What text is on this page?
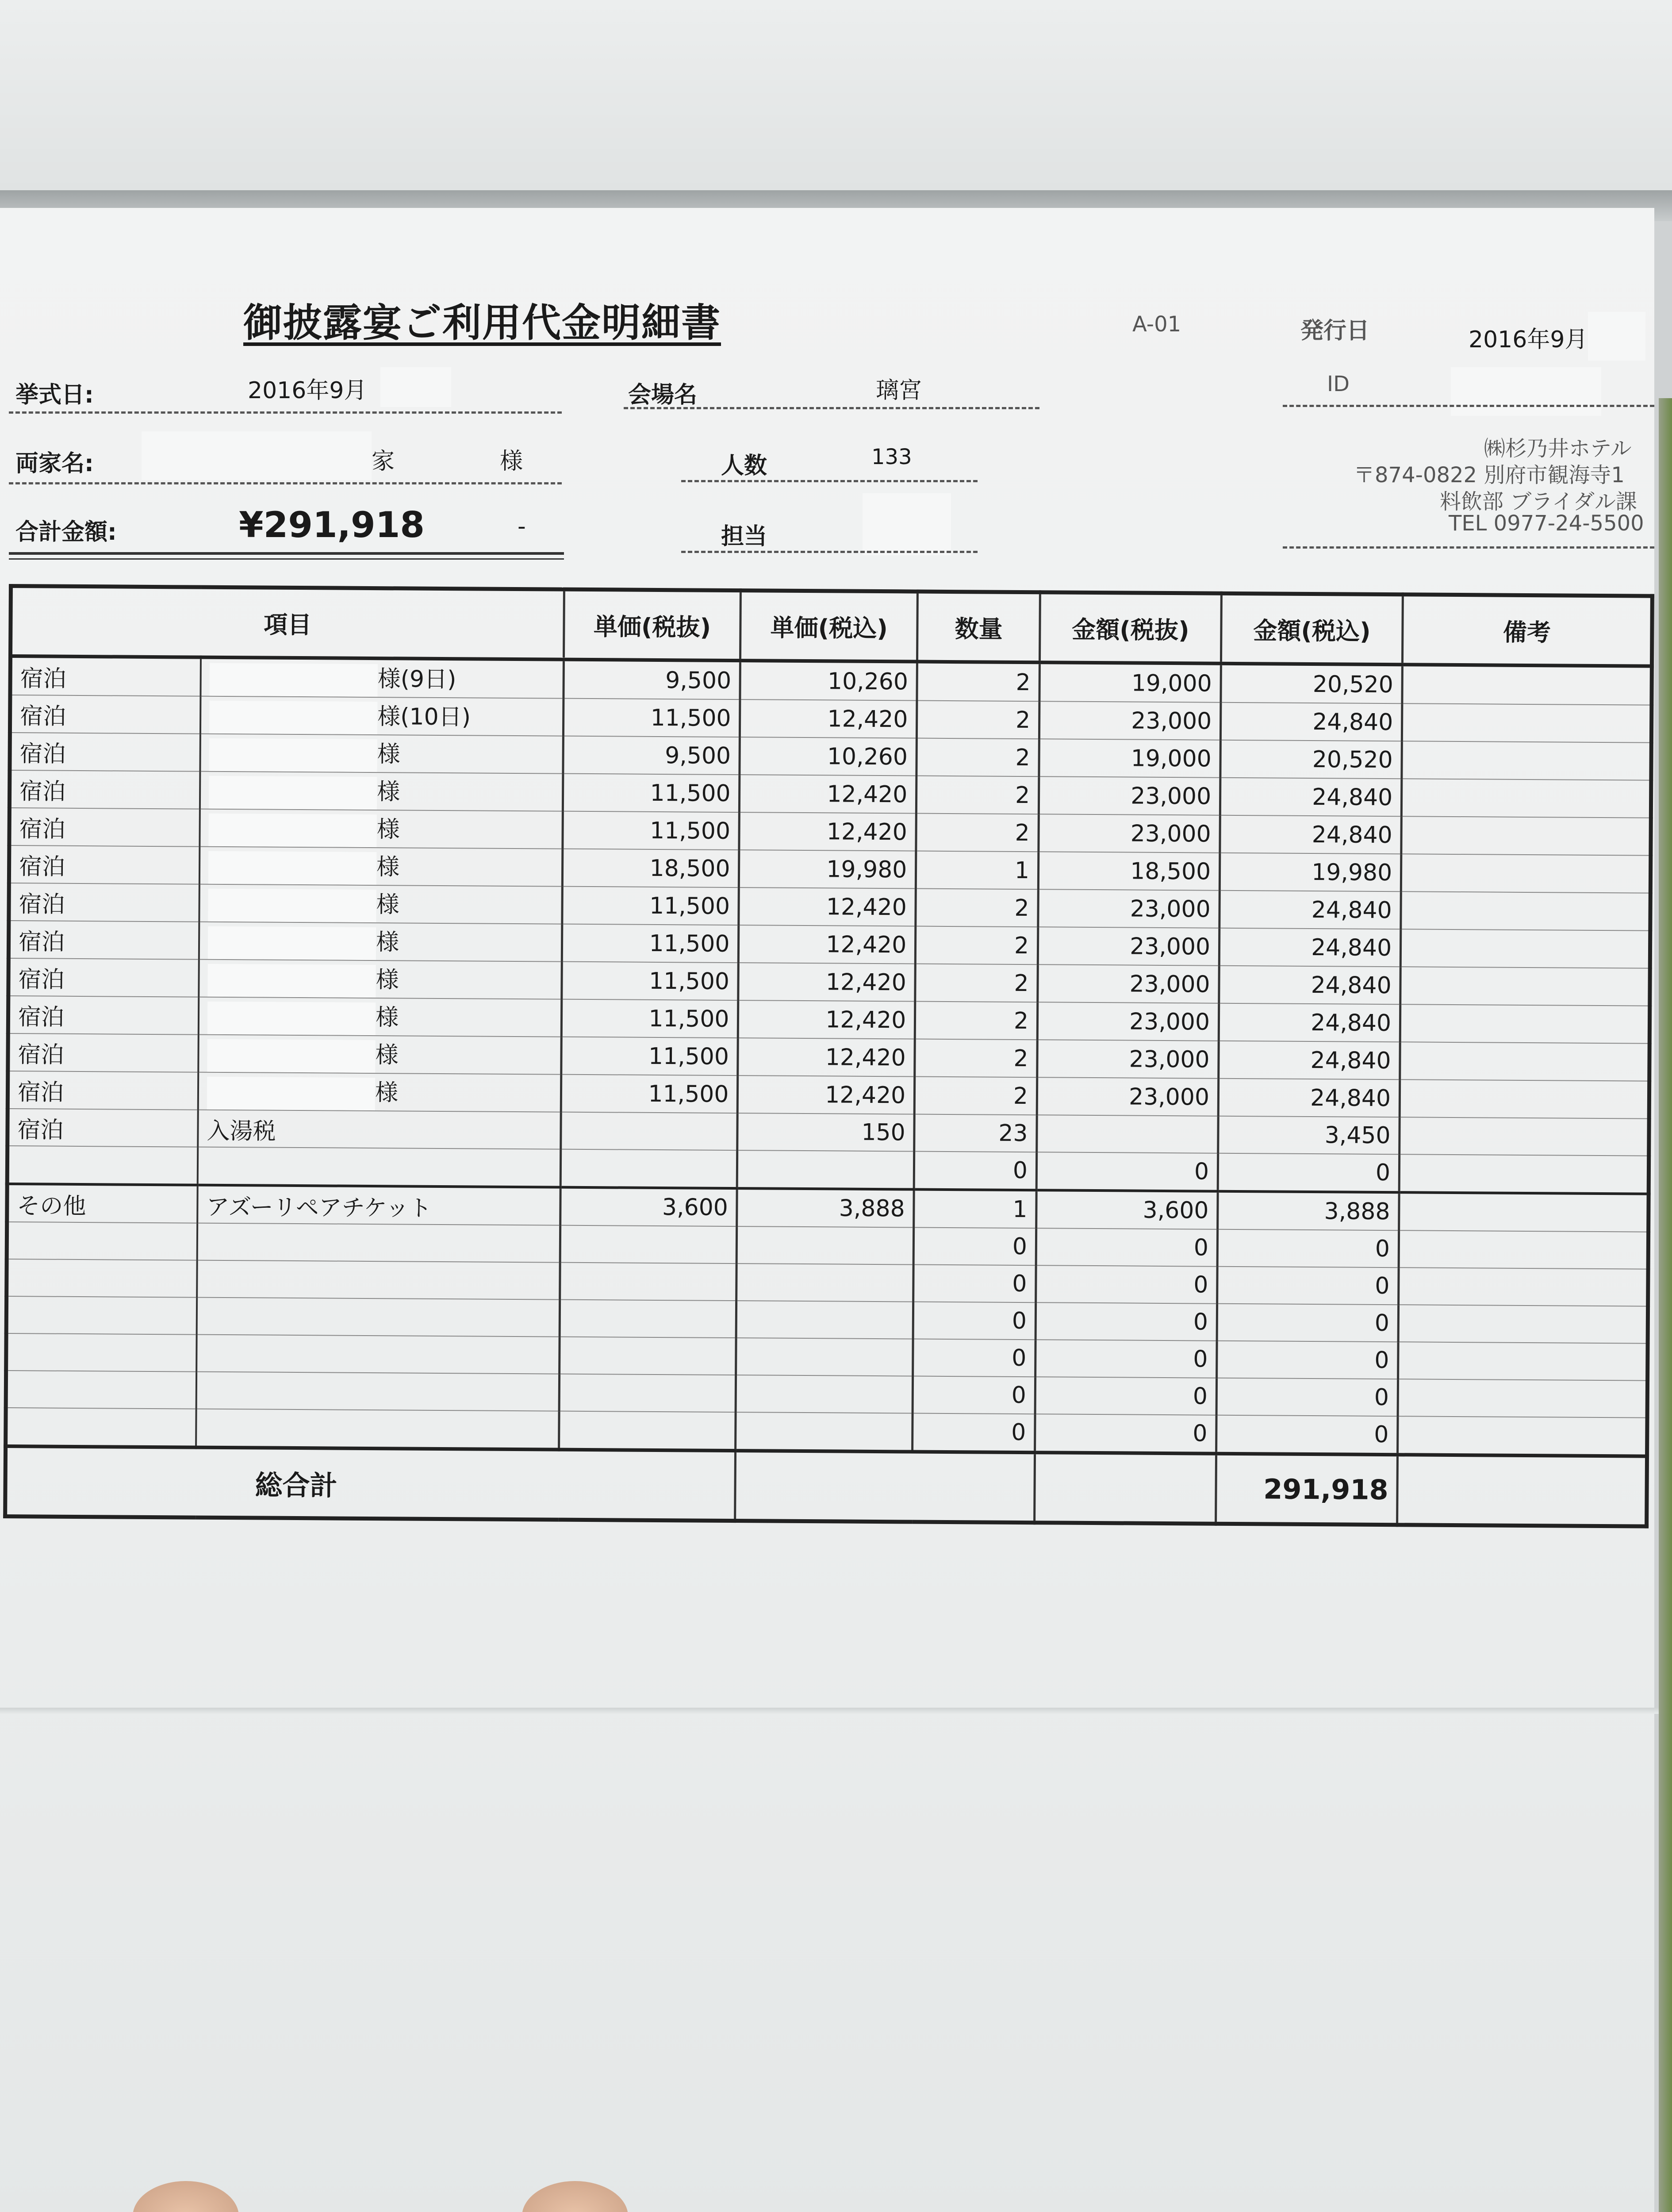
御披露宴ご利用代金明細書	A-01	発行日	2016年9月
挙式日:	2016年9月	会場名	璃宮	ID
両家名:	家	様	人数	133
合計金額:	¥291,918	-	担当
㈱杉乃井ホテル
〒874-0822 別府市観海寺1
料飲部 ブライダル課
TEL 0977-24-5500
項目		単価(税抜)	単価(税込)	数量	金額(税抜)	金額(税込)	備考
宿泊	様(9日)	9,500	10,260	2	19,000	20,520	
宿泊	様(10日)	11,500	12,420	2	23,000	24,840	
宿泊	様	9,500	10,260	2	19,000	20,520	
宿泊	様	11,500	12,420	2	23,000	24,840	
宿泊	様	11,500	12,420	2	23,000	24,840	
宿泊	様	18,500	19,980	1	18,500	19,980	
宿泊	様	11,500	12,420	2	23,000	24,840	
宿泊	様	11,500	12,420	2	23,000	24,840	
宿泊	様	11,500	12,420	2	23,000	24,840	
宿泊	様	11,500	12,420	2	23,000	24,840	
宿泊	様	11,500	12,420	2	23,000	24,840	
宿泊	様	11,500	12,420	2	23,000	24,840	
宿泊	入湯税		150	23		3,450	
				0	0	0	
その他	アズーリペアチケット	3,600	3,888	1	3,600	3,888	
				0	0	0	
				0	0	0	
				0	0	0	
				0	0	0	
				0	0	0	
				0	0	0	
総合計						291,918	
